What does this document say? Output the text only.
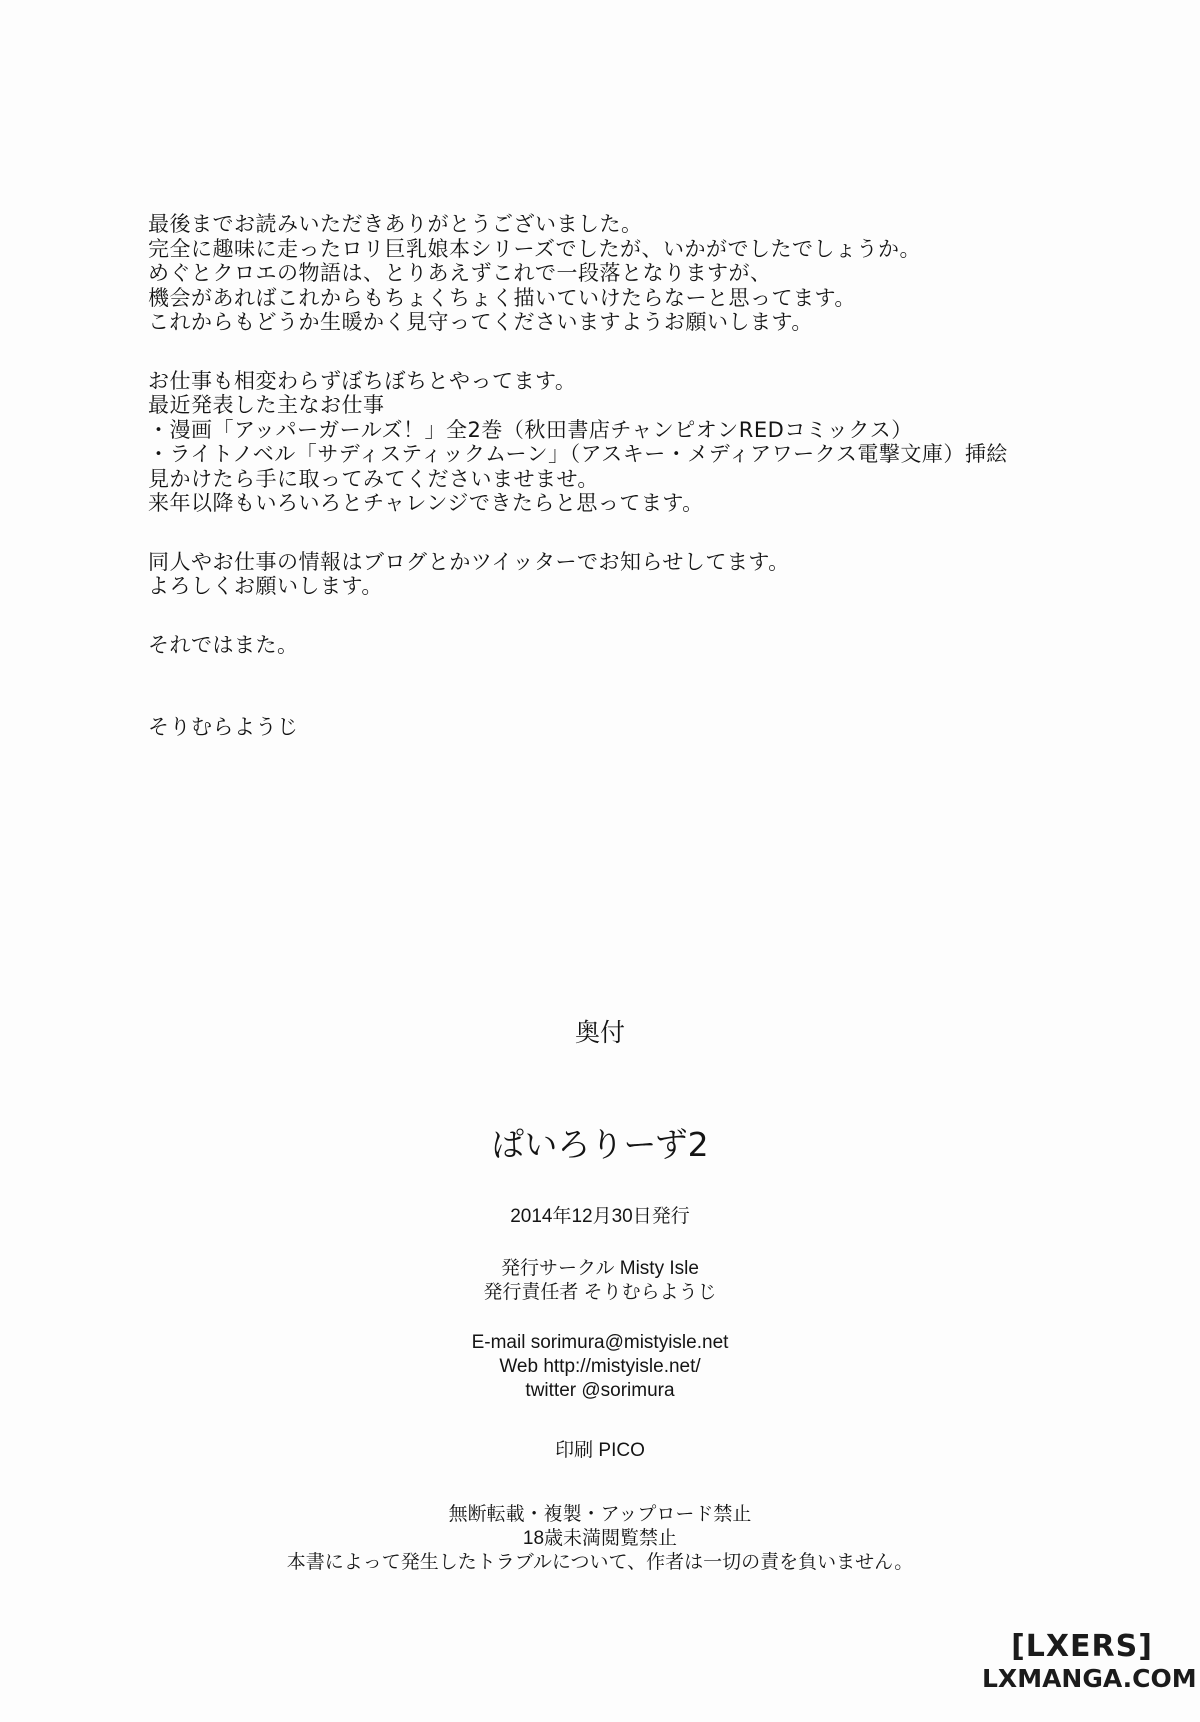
最後までお読みいただきありがとうございました。
完全に趣味に走ったロリ巨乳娘本シリーズでしたが、いかがでしたでしょうか。
めぐとクロエの物語は、とりあえずこれで一段落となりますが、
機会があればこれからもちょくちょく描いていけたらなーと思ってます。
これからもどうか生暖かく見守ってくださいますようお願いします。
お仕事も相変わらずぼちぼちとやってます。
最近発表した主なお仕事
・漫画「アッパーガールズ！」全2巻（秋田書店チャンピオンREDコミックス）
・ライトノベル「サディスティックムーン」（アスキー・メディアワークス電撃文庫）挿絵
見かけたら手に取ってみてくださいませませ。
来年以降もいろいろとチャレンジできたらと思ってます。
同人やお仕事の情報はブログとかツイッターでお知らせしてます。
よろしくお願いします。
それではまた。
そりむらようじ
奥付
ぱいろりーず2
2014年12月30日発行
発行サークル Misty Isle
発行責任者 そりむらようじ
E-mail sorimura@mistyisle.net
Web http://mistyisle.net/
twitter @sorimura
印刷 PICO
無断転載・複製・アップロード禁止
18歳未満閲覧禁止
本書によって発生したトラブルについて、作者は一切の責を負いません。
[LXERS]
LXMANGA.COM
